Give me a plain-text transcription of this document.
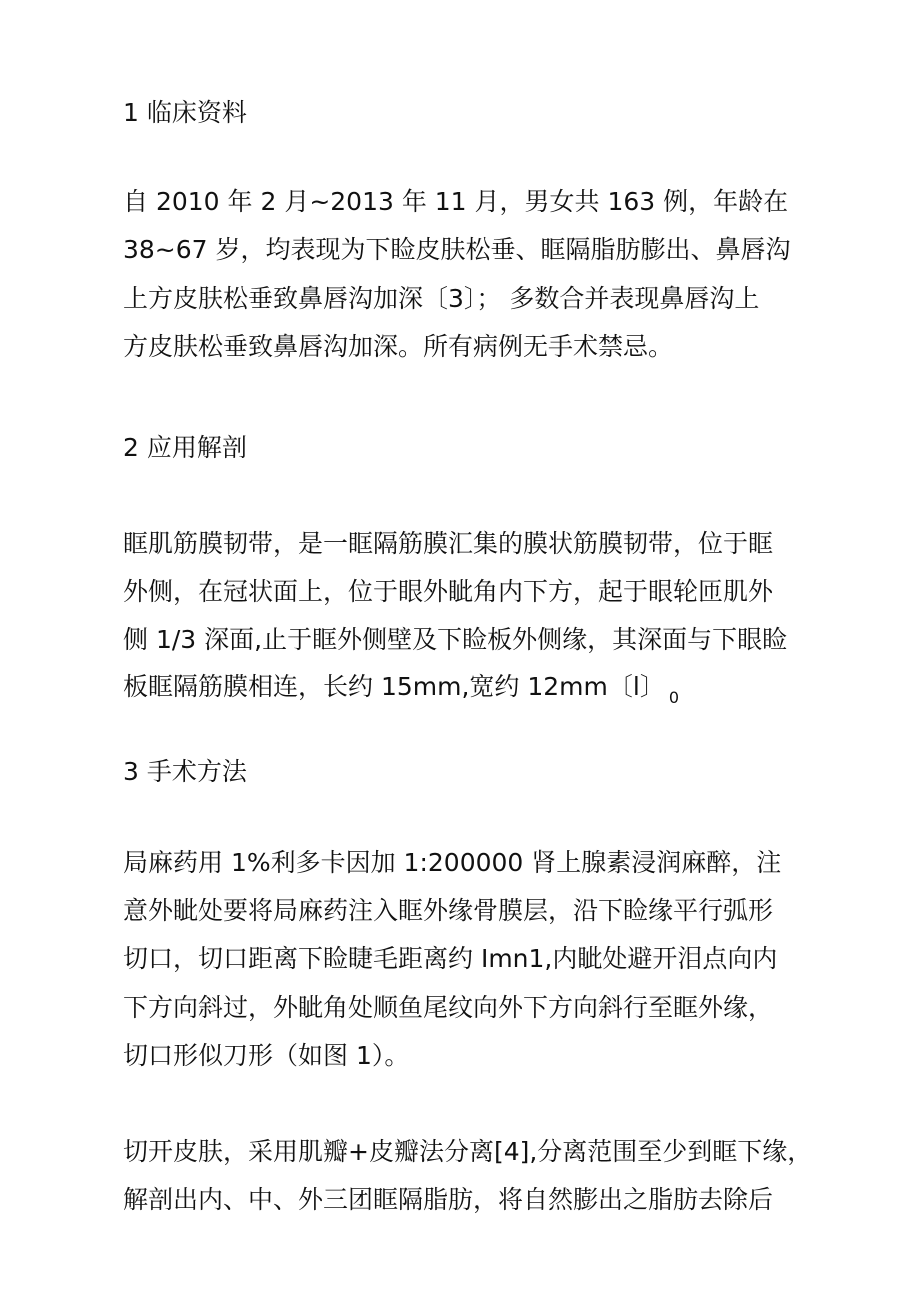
1 临床资料
自 2010 年 2 月~2013 年 11 月，男女共 163 例，年龄在
38~67 岁，均表现为下睑皮肤松垂、眶隔脂肪膨出、鼻唇沟
上方皮肤松垂致鼻唇沟加深〔3〕； 多数合并表现鼻唇沟上
方皮肤松垂致鼻唇沟加深。所有病例无手术禁忌。
2 应用解剖
眶肌筋膜韧带，是一眶隔筋膜汇集的膜状筋膜韧带，位于眶
外侧，在冠状面上，位于眼外眦角内下方，起于眼轮匝肌外
侧 1/3 深面,止于眶外侧壁及下睑板外侧缘，其深面与下眼睑
板眶隔筋膜相连，长约 15mm,宽约 12mm〔l〕 $_0$
3 手术方法
局麻药用 1%利多卡因加 1:200000 肾上腺素浸润麻醉，注
意外眦处要将局麻药注入眶外缘骨膜层，沿下睑缘平行弧形
切口，切口距离下睑睫毛距离约 Imn1,内眦处避开泪点向内
下方向斜过，外眦角处顺鱼尾纹向外下方向斜行至眶外缘，
切口形似刀形（如图 1）。
切开皮肤，采用肌瓣+皮瓣法分离[4],分离范围至少到眶下缘，
解剖出内、中、外三团眶隔脂肪，将自然膨出之脂肪去除后
